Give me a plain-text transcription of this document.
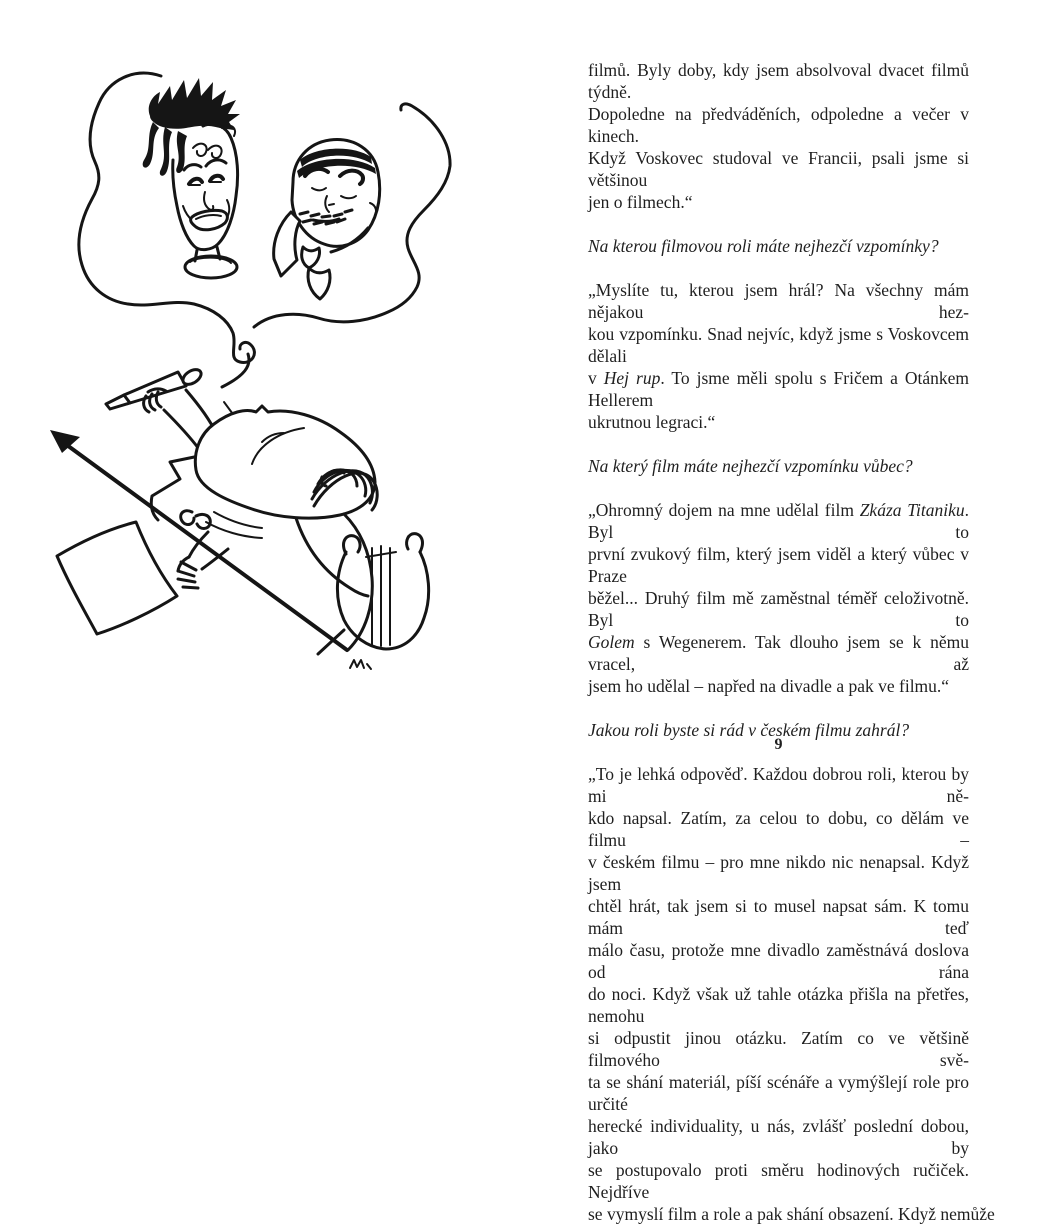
filmů. Byly doby, kdy jsem absolvoval dvacet filmů týdně.
Dopoledne na předváděních, odpoledne a večer v kinech.
Když Voskovec studoval ve Francii, psali jsme si většinou
jen o filmech.“
Na kterou filmovou roli máte nejhezčí vzpomínky?
„Myslíte tu, kterou jsem hrál? Na všechny mám nějakou hez-
kou vzpomínku. Snad nejvíc, když jsme s Voskovcem dělali
v Hej rup. To jsme měli spolu s Fričem a Otánkem Hellerem
ukrutnou legraci.“
Na který film máte nejhezčí vzpomínku vůbec?
„Ohromný dojem na mne udělal film Zkáza Titaniku. Byl to
první zvukový film, který jsem viděl a který vůbec v Praze
běžel... Druhý film mě zaměstnal téměř celoživotně. Byl to
Golem s Wegenerem. Tak dlouho jsem se k němu vracel, až
jsem ho udělal – napřed na divadle a pak ve filmu.“
Jakou roli byste si rád v českém filmu zahrál?
„To je lehká odpověď. Každou dobrou roli, kterou by mi ně-
kdo napsal. Zatím, za celou to dobu, co dělám ve filmu –
v českém filmu – pro mne nikdo nic nenapsal. Když jsem
chtěl hrát, tak jsem si to musel napsat sám. K tomu mám teď
málo času, protože mne divadlo zaměstnává doslova od rána
do noci. Když však už tahle otázka přišla na přetřes, nemohu
si odpustit jinou otázku. Zatím co ve většině filmového svě-
ta se shání materiál, píší scénáře a vymýšlejí role pro určité
herecké individuality, u nás, zvlášť poslední dobou, jako by
se postupovalo proti směru hodinových ručiček. Nejdříve
se vymyslí film a role a pak shání obsazení. Když nemůže
9
